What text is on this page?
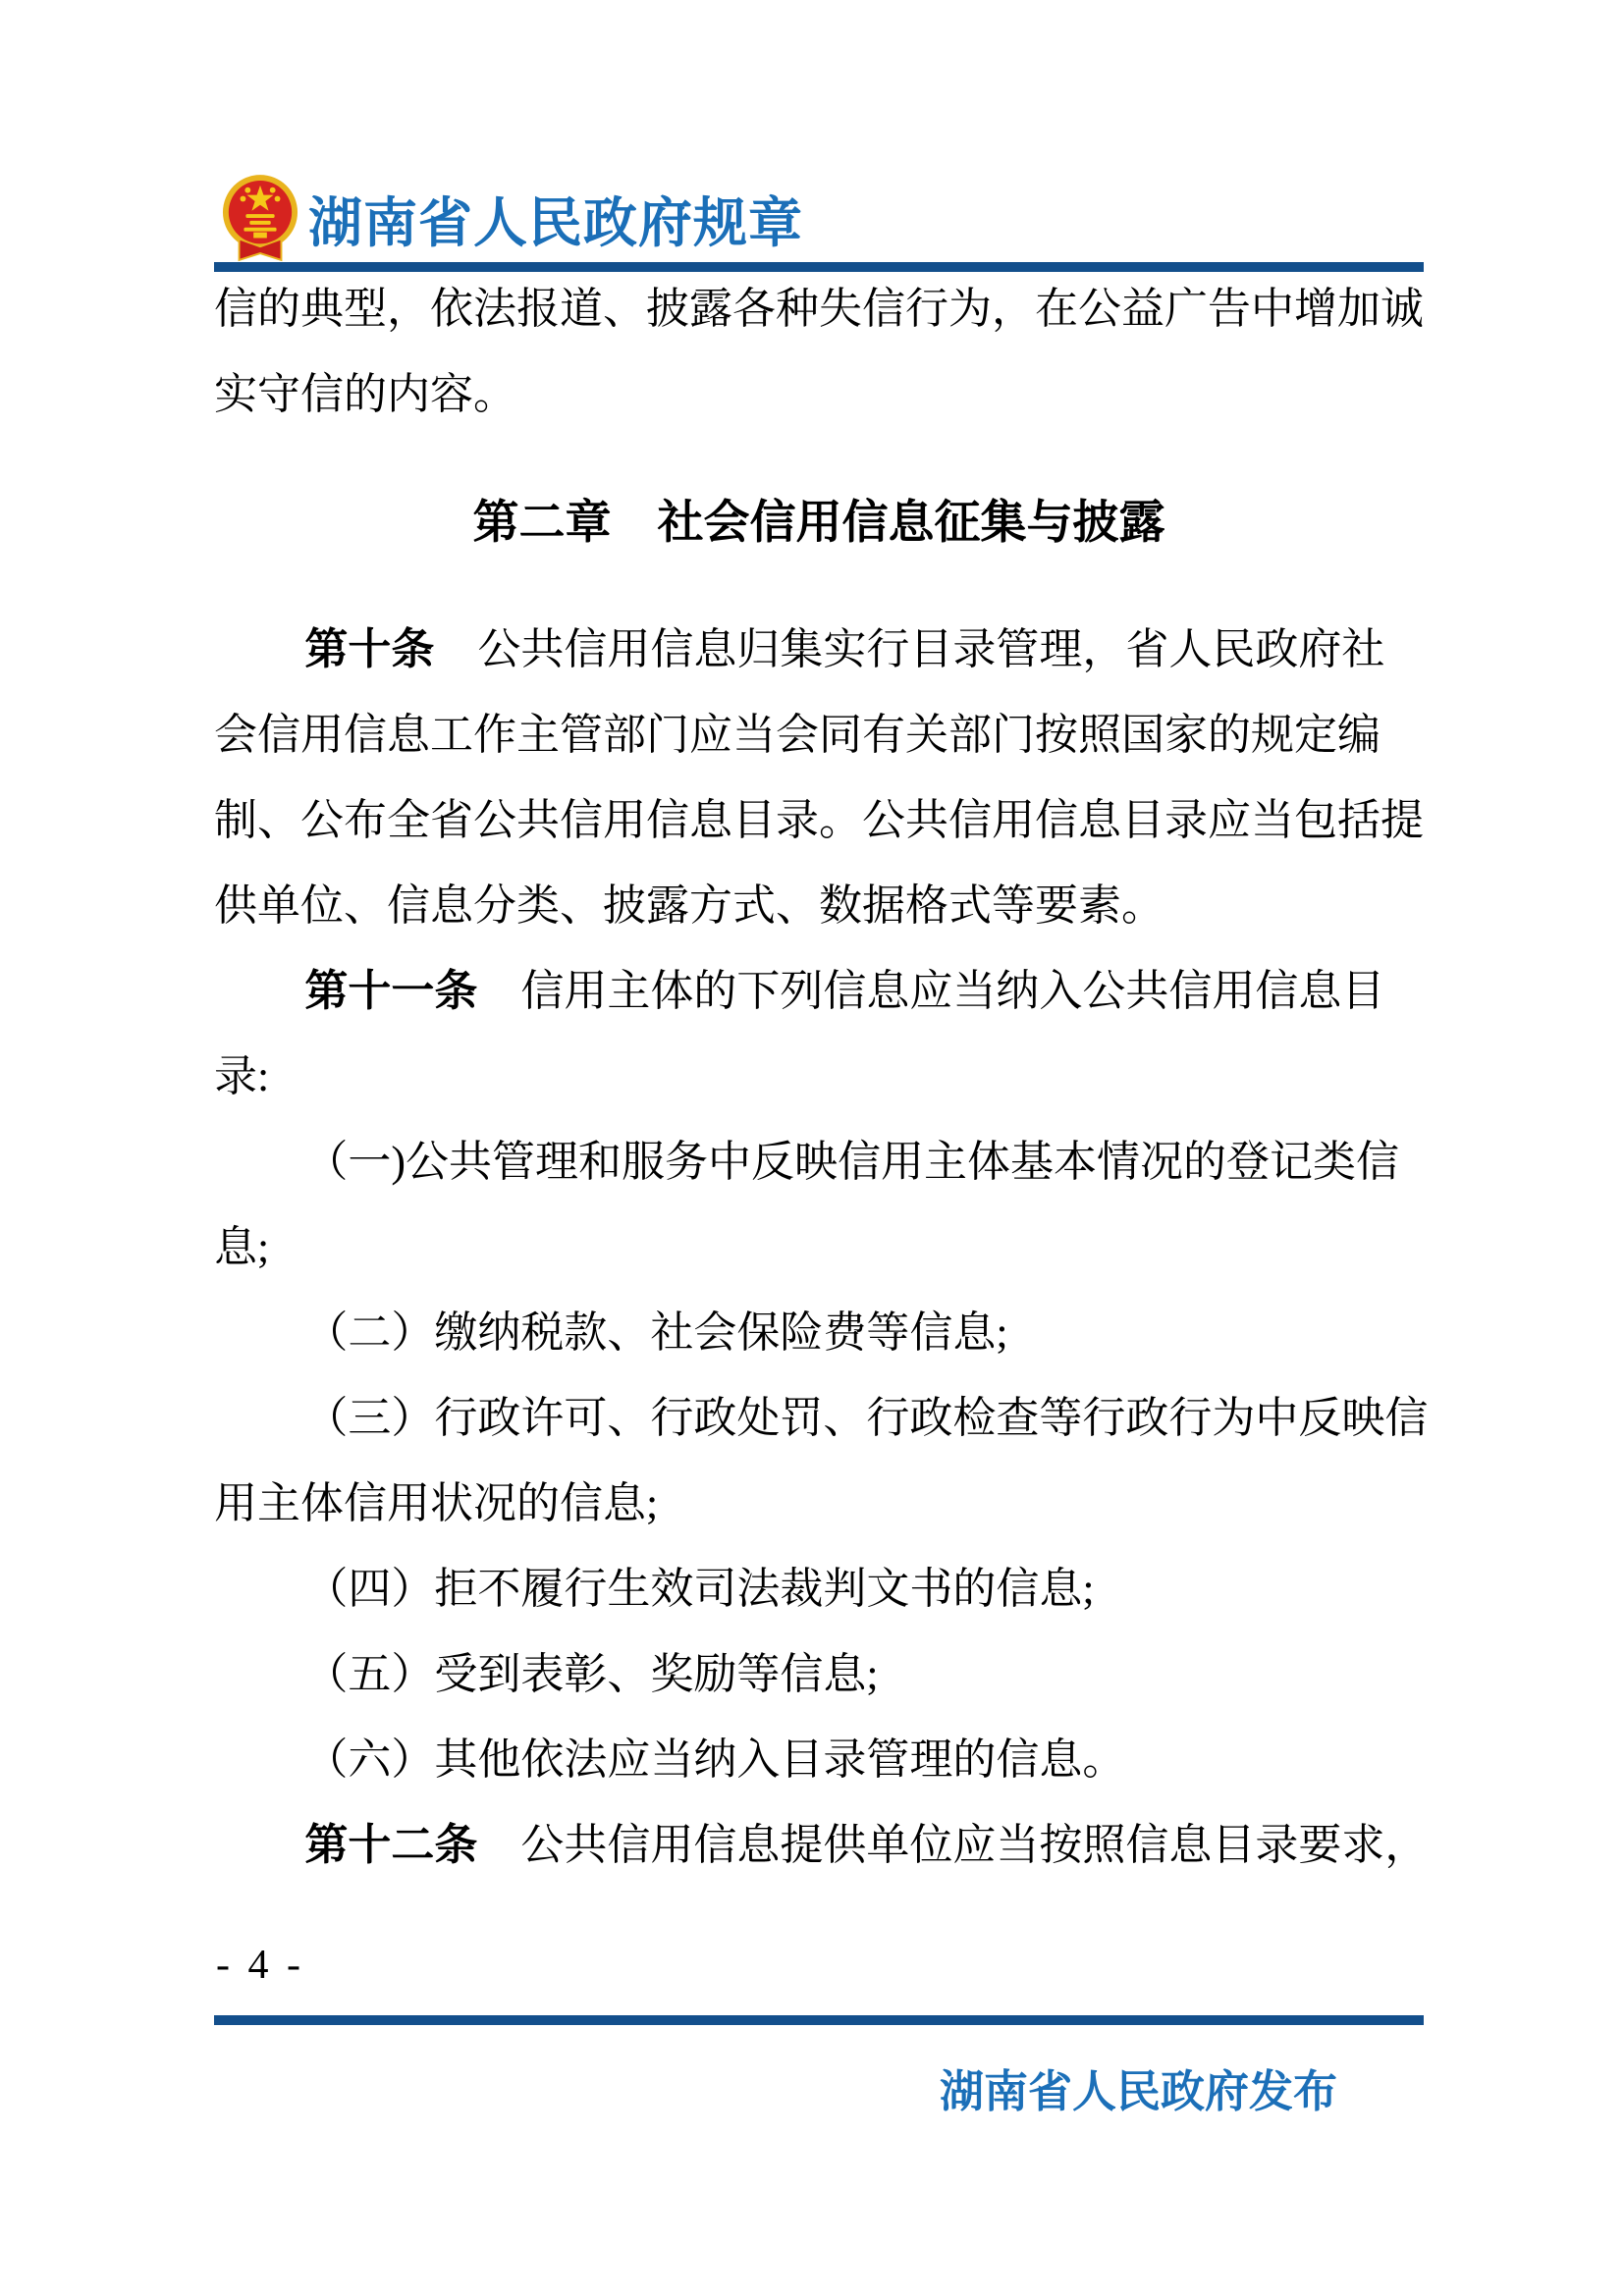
湖南省人民政府规章
信的典型，依法报道、披露各种失信行为，在公益广告中增加诚
实守信的内容。
第二章　社会信用信息征集与披露
第十条　公共信用信息归集实行目录管理，省人民政府社
会信用信息工作主管部门应当会同有关部门按照国家的规定编
制、公布全省公共信用信息目录。公共信用信息目录应当包括提
供单位、信息分类、披露方式、数据格式等要素。
第十一条　信用主体的下列信息应当纳入公共信用信息目
录:
（一)公共管理和服务中反映信用主体基本情况的登记类信
息;
（二）缴纳税款、社会保险费等信息;
（三）行政许可、行政处罚、行政检查等行政行为中反映信
用主体信用状况的信息;
（四）拒不履行生效司法裁判文书的信息;
（五）受到表彰、奖励等信息;
（六）其他依法应当纳入目录管理的信息。
第十二条　公共信用信息提供单位应当按照信息目录要求，
- 4 -
湖南省人民政府发布
